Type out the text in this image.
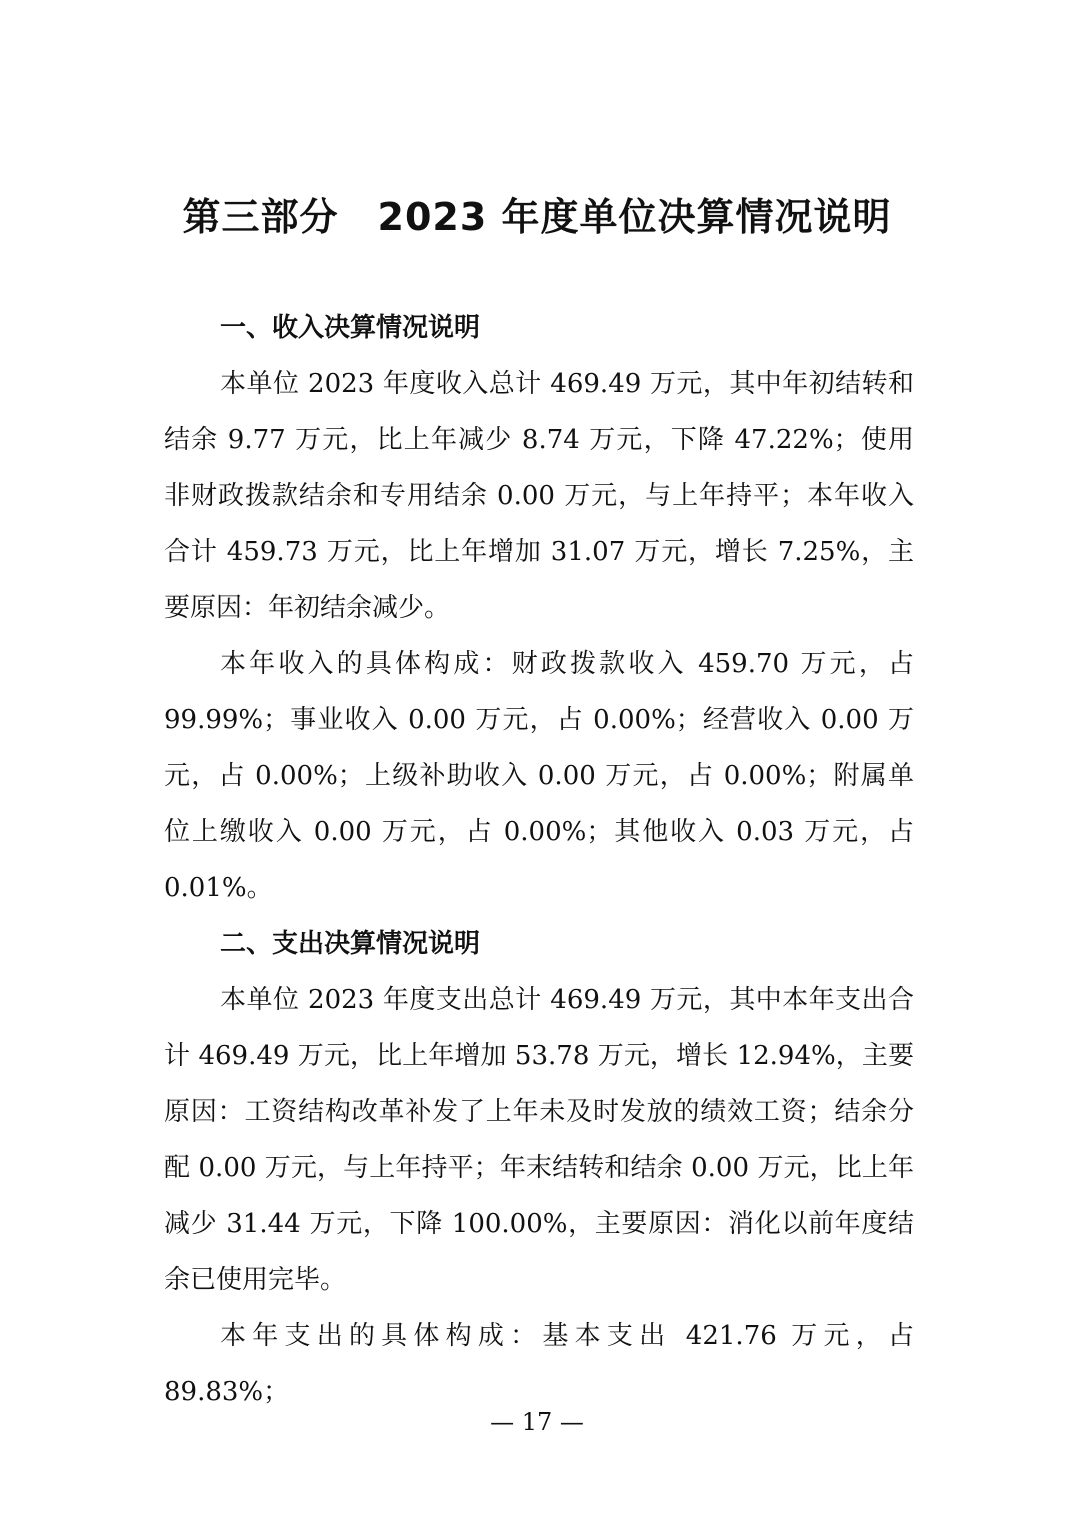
第三部分　2023 年度单位决算情况说明
一、收入决算情况说明

本单位 2023 年度收入总计 469.49 万元，其中年初结转和结余 9.77 万元，比上年减少 8.74 万元，下降 47.22%；使用非财政拨款结余和专用结余 0.00 万元，与上年持平；本年收入合计 459.73 万元，比上年增加 31.07 万元，增长 7.25%，主要原因：年初结余减少。

本年收入的具体构成：财政拨款收入 459.70 万元，占 99.99%；事业收入 0.00 万元，占 0.00%；经营收入 0.00 万元，占 0.00%；上级补助收入 0.00 万元，占 0.00%；附属单位上缴收入 0.00 万元，占 0.00%；其他收入 0.03 万元，占 0.01%。

二、支出决算情况说明

本单位 2023 年度支出总计 469.49 万元，其中本年支出合计 469.49 万元，比上年增加 53.78 万元，增长 12.94%，主要原因：工资结构改革补发了上年未及时发放的绩效工资；结余分配 0.00 万元，与上年持平；年末结转和结余 0.00 万元，比上年减少 31.44 万元，下降 100.00%，主要原因：消化以前年度结余已使用完毕。

本年支出的具体构成：基本支出 421.76 万元，占 89.83%；

— 17 —
